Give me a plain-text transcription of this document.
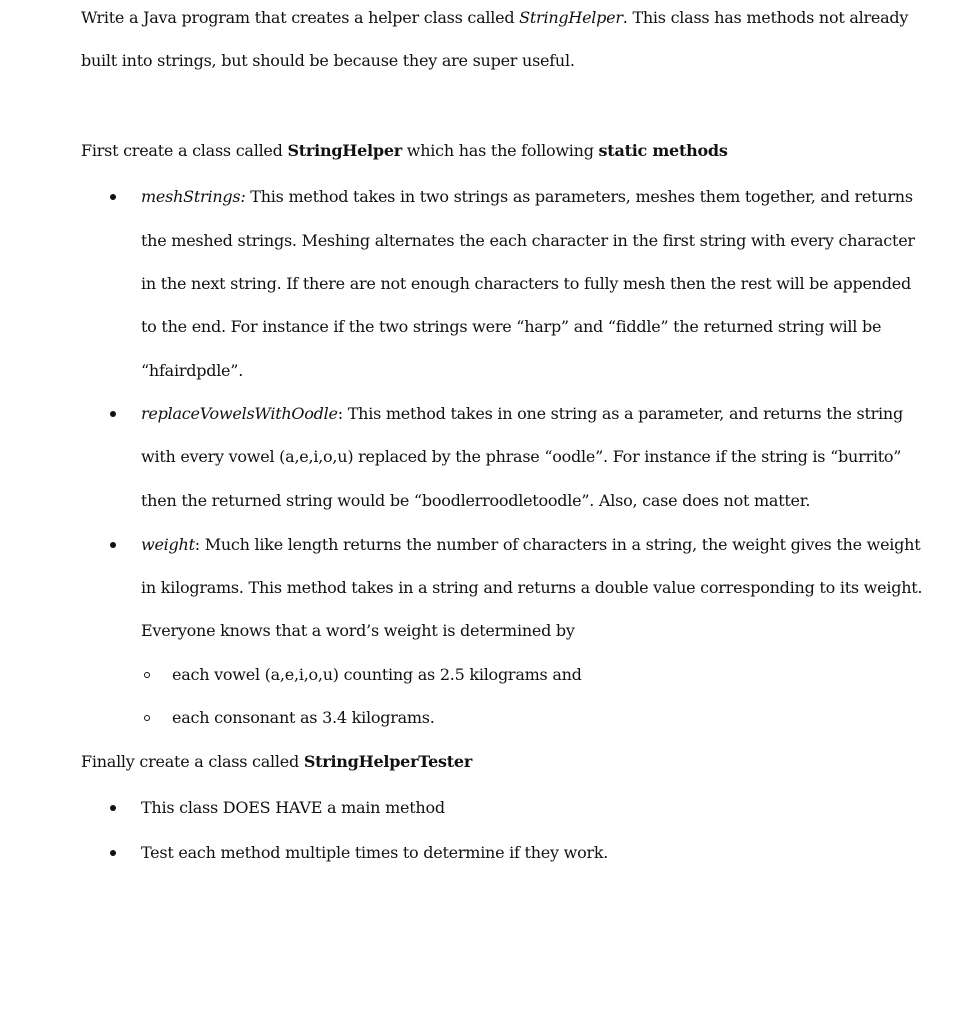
Write a Java program that creates a helper class called StringHelper. This class has methods not already
built into strings, but should be because they are super useful.
First create a class called StringHelper which has the following static methods
meshStrings: This method takes in two strings as parameters, meshes them together, and returns
the meshed strings. Meshing alternates the each character in the first string with every character
in the next string. If there are not enough characters to fully mesh then the rest will be appended
to the end. For instance if the two strings were “harp” and “fiddle” the returned string will be
“hfairdpdle”.
replaceVowelsWithOodle: This method takes in one string as a parameter, and returns the string
with every vowel (a,e,i,o,u) replaced by the phrase “oodle”. For instance if the string is “burrito”
then the returned string would be “boodlerroodletoodle”. Also, case does not matter.
weight: Much like length returns the number of characters in a string, the weight gives the weight
in kilograms. This method takes in a string and returns a double value corresponding to its weight.
Everyone knows that a word’s weight is determined by
each vowel (a,e,i,o,u) counting as 2.5 kilograms and
each consonant as 3.4 kilograms.
Finally create a class called StringHelperTester
This class DOES HAVE a main method
Test each method multiple times to determine if they work.
